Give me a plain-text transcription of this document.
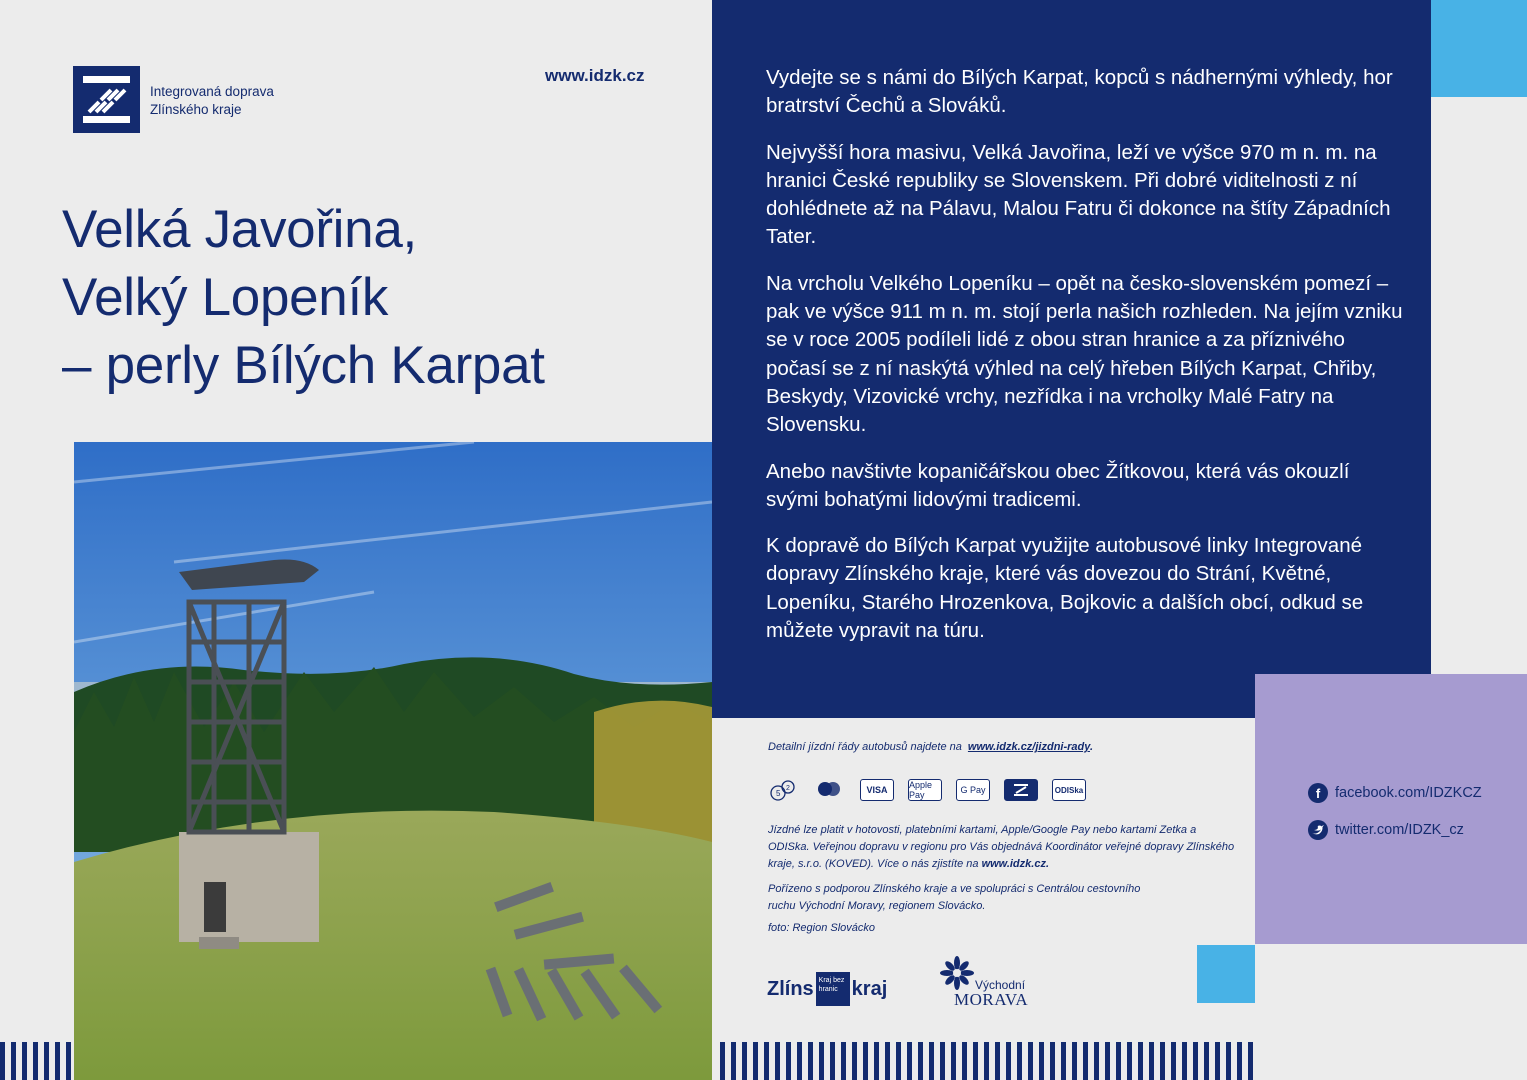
Integrovaná doprava
Zlínského kraje
www.idzk.cz
Velká Javořina,
Velký Lopeník
– perly Bílých Karpat

Vydejte se s námi do Bílých Karpat, kopců s nádhernými výhledy, hor bratrství Čechů a Slováků.

Nejvyšší hora masivu, Velká Javořina, leží ve výšce 970 m n. m. na hranici České republiky se Slovenskem. Při dobré viditelnosti z ní dohlédnete až na Pálavu, Malou Fatru či dokonce na štíty Západních Tater.

Na vrcholu Velkého Lopeníku – opět na česko-slovenském pomezí – pak ve výšce 911 m n. m. stojí perla našich rozhleden. Na jejím vzniku se v roce 2005 podíleli lidé z obou stran hranice a za příznivého počasí se z ní naskýtá výhled na celý hřeben Bílých Karpat, Chřiby, Beskydy, Vizovické vrchy, nezřídka i na vrcholky Malé Fatry na Slovensku.

Anebo navštivte kopaničářskou obec Žítkovou, která vás okouzlí svými bohatými lidovými tradicemi.

K dopravě do Bílých Karpat využijte autobusové linky Integrované dopravy Zlínského kraje, které vás dovezou do Strání, Květné, Lopeníku, Starého Hrozenkova, Bojkovic a dalších obcí, odkud se můžete vypravit na túru.

f	facebook.com/IDZKCZ
twitter.com/IDZK_cz
Detailní jízdní řády autobusů najdete na www.idzk.cz/jizdni-rady.
5
2	VISA Apple Pay	G Pay	ODISka
Jízdné lze platit v hotovosti, platebními kartami, Apple/Google Pay nebo kartami Zetka a ODISka. Veřejnou dopravu v regionu pro Vás objednává Koordinátor veřejné dopravy Zlínského kraje, s.r.o. (KOVED). Více o nás zjistíte na www.idzk.cz.
Pořízeno s podporou Zlínského kraje a ve spolupráci s Centrálou cestovního ruchu Východní Moravy, regionem Slovácko.
foto: Region Slovácko
Zlíns Kraj bez hranic kraj	Východní
MORAVA
